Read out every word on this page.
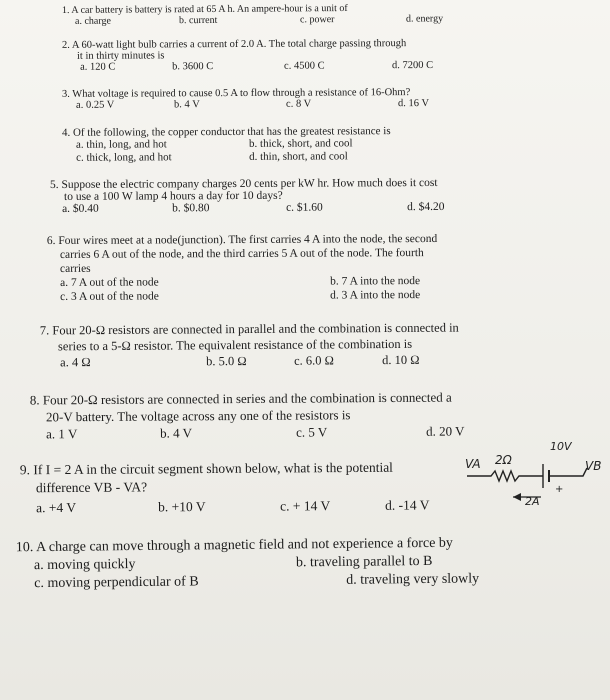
1. A car battery is battery is rated at 65 A h. An ampere-hour is a unit of
a. charge	b. current	c. power	d. energy
2. A 60-watt light bulb carries a current of 2.0 A. The total charge passing through
it in thirty minutes is
a. 120 C	b. 3600 C	c. 4500 C	d. 7200 C
3. What voltage is required to cause 0.5 A to flow through a resistance of 16-Ohm?
a. 0.25 V	b. 4 V	c. 8 V	d. 16 V
4. Of the following, the copper conductor that has the greatest resistance is
a. thin, long, and hot	b. thick, short, and cool
c. thick, long, and hot	d. thin, short, and cool
5. Suppose the electric company charges 20 cents per kW hr. How much does it cost
to use a 100 W lamp 4 hours a day for 10 days?
a. $0.40	b. $0.80	c. $1.60	d. $4.20
6. Four wires meet at a node(junction). The first carries 4 A into the node, the second
carries 6 A out of the node, and the third carries 5 A out of the node. The fourth
carries
a. 7 A out of the node	b. 7 A into the node
c. 3 A out of the node	d. 3 A into the node
7. Four 20-Ω resistors are connected in parallel and the combination is connected in
series to a 5-Ω resistor. The equivalent resistance of the combination is
a. 4 Ω	b. 5.0 Ω	c. 6.0 Ω	d. 10 Ω
8. Four 20-Ω resistors are connected in series and the combination is connected a
20-V battery. The voltage across any one of the resistors is
a. 1 V	b. 4 V	c. 5 V	d. 20 V
9. If I = 2 A in the circuit segment shown below, what is the potential
difference VB - VA?
a. +4 V	b. +10 V	c. + 14 V	d. -14 V
VA 2Ω
10V
VB
+
2A
10. A charge can move through a magnetic field and not experience a force by
a. moving quickly	b. traveling parallel to B
c. moving perpendicular of B	d. traveling very slowly
